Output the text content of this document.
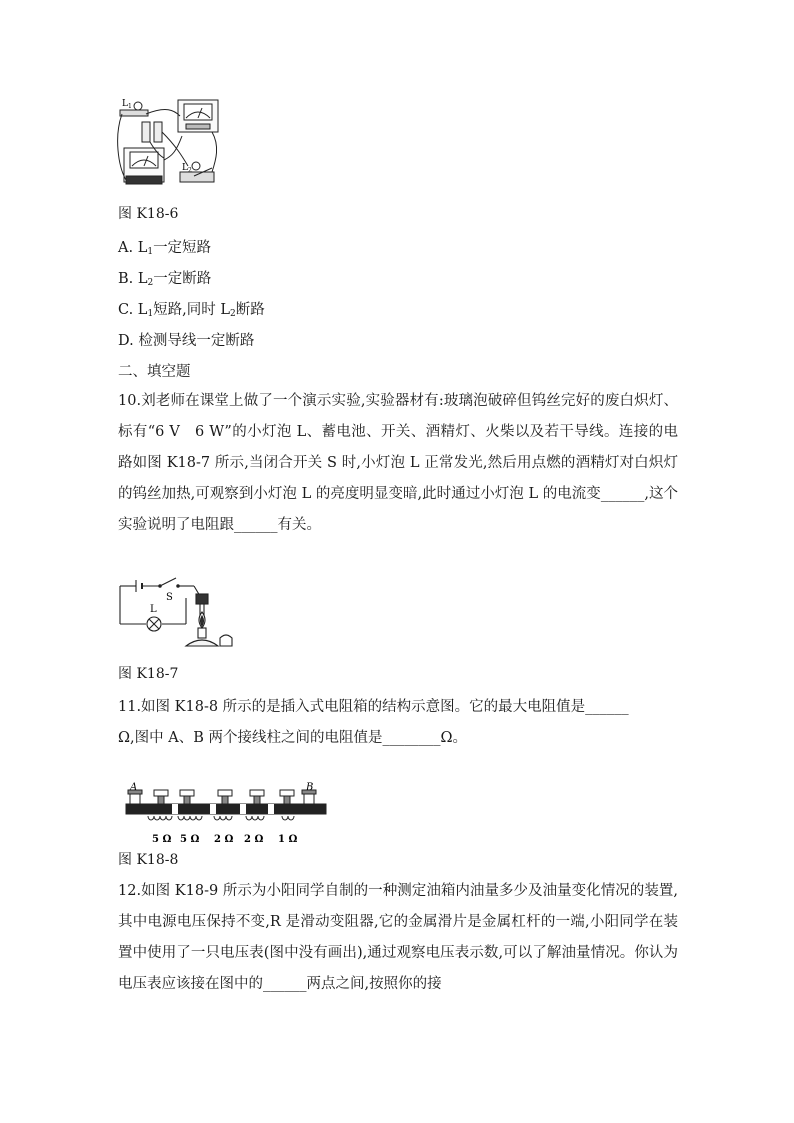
$L_1$
$L_2$
图 K18-6
A. $L_1$一定短路
B. $L_2$一定断路
C. $L_1$短路,同时 $L_2$断路
D. 检测导线一定断路
二、填空题
10.刘老师在课堂上做了一个演示实验,实验器材有:玻璃泡破碎但钨丝完好的废白炽灯、标有“6 V　6 W”的小灯泡 L、蓄电池、开关、酒精灯、火柴以及若干导线。连接的电路如图 K18-7 所示,当闭合开关 S 时,小灯泡 L 正常发光,然后用点燃的酒精灯对白炽灯的钨丝加热,可观察到小灯泡 L 的亮度明显变暗,此时通过小灯泡 L 的电流变______,这个实验说明了电阻跟______有关。
S
L
图 K18-7
11.如图 K18-8 所示的是插入式电阻箱的结构示意图。它的最大电阻值是______
Ω,图中 A、B 两个接线柱之间的电阻值是________Ω。
A	B
5 Ω 5 Ω 2 Ω 2 Ω 1 Ω
图 K18-8
12.如图 K18-9 所示为小阳同学自制的一种测定油箱内油量多少及油量变化情况的装置,其中电源电压保持不变,R 是滑动变阻器,它的金属滑片是金属杠杆的一端,小阳同学在装置中使用了一只电压表(图中没有画出),通过观察电压表示数,可以了解油量情况。你认为电压表应该接在图中的______两点之间,按照你的接
